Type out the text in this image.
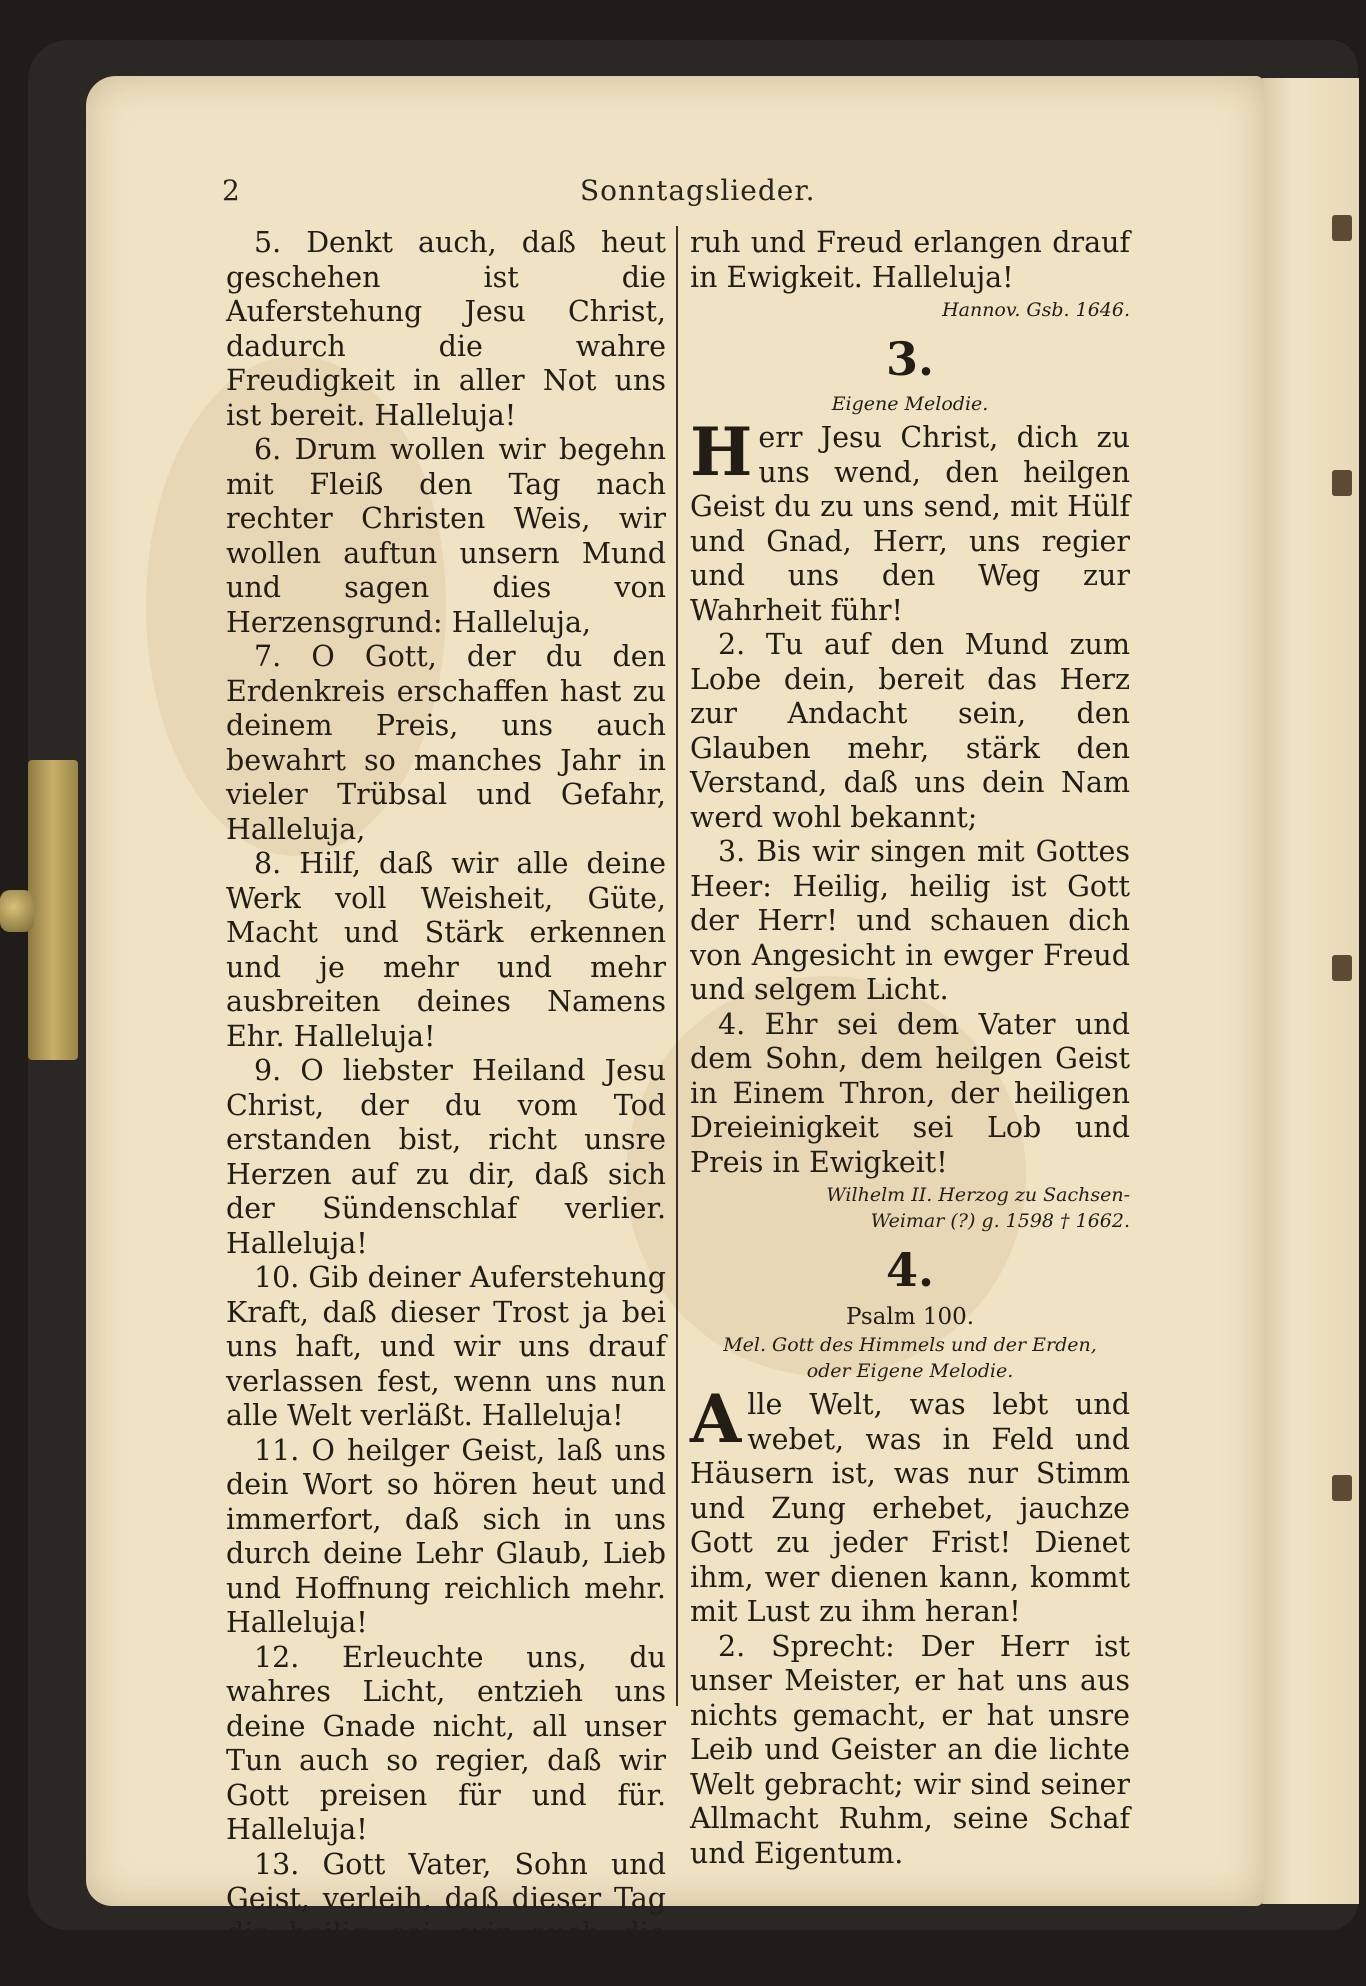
2	Sonntagslieder.

5. Denkt auch, daß heut geschehen ist die Auferstehung Jesu Christ, dadurch die wahre Freudigkeit in aller Not uns ist bereit. Halleluja!

6. Drum wollen wir begehn mit Fleiß den Tag nach rechter Christen Weis, wir wollen auftun unsern Mund und sagen dies von Herzensgrund: Halleluja,

7. O Gott, der du den Erdenkreis erschaffen hast zu deinem Preis, uns auch bewahrt so manches Jahr in vieler Trübsal und Gefahr, Halleluja,

8. Hilf, daß wir alle deine Werk voll Weisheit, Güte, Macht und Stärk erkennen und je mehr und mehr ausbreiten deines Namens Ehr. Halleluja!

9. O liebster Heiland Jesu Christ, der du vom Tod erstanden bist, richt unsre Herzen auf zu dir, daß sich der Sündenschlaf verlier. Halleluja!

10. Gib deiner Auferstehung Kraft, daß dieser Trost ja bei uns haft, und wir uns drauf verlassen fest, wenn uns nun alle Welt verläßt. Halleluja!

11. O heilger Geist, laß uns dein Wort so hören heut und immerfort, daß sich in uns durch deine Lehr Glaub, Lieb und Hoffnung reichlich mehr. Halleluja!

12. Erleuchte uns, du wahres Licht, entzieh uns deine Gnade nicht, all unser Tun auch so regier, daß wir Gott preisen für und für. Halleluja!

13. Gott Vater, Sohn und Geist, verleih, daß dieser Tag dir heilig sei, wir auch die Sabbaths-

ruh und Freud erlangen drauf in Ewigkeit. Halleluja!

Hannov. Gsb. 1646.
3.
Eigene Melodie.

Herr Jesu Christ, dich zu uns wend, den heilgen Geist du zu uns send, mit Hülf und Gnad, Herr, uns regier und uns den Weg zur Wahrheit führ!

2. Tu auf den Mund zum Lobe dein, bereit das Herz zur Andacht sein, den Glauben mehr, stärk den Verstand, daß uns dein Nam werd wohl bekannt;

3. Bis wir singen mit Gottes Heer: Heilig, heilig ist Gott der Herr! und schauen dich von Angesicht in ewger Freud und selgem Licht.

4. Ehr sei dem Vater und dem Sohn, dem heilgen Geist in Einem Thron, der heiligen Dreieinigkeit sei Lob und Preis in Ewigkeit!

Wilhelm II. Herzog zu Sachsen-
Weimar (?) g. 1598 † 1662.
4.
Psalm 100.
Mel. Gott des Himmels und der Erden,
oder Eigene Melodie.

Alle Welt, was lebt und webet, was in Feld und Häusern ist, was nur Stimm und Zung erhebet, jauchze Gott zu jeder Frist! Dienet ihm, wer dienen kann, kommt mit Lust zu ihm heran!

2. Sprecht: Der Herr ist unser Meister, er hat uns aus nichts gemacht, er hat unsre Leib und Geister an die lichte Welt gebracht; wir sind seiner Allmacht Ruhm, seine Schaf und Eigentum.
